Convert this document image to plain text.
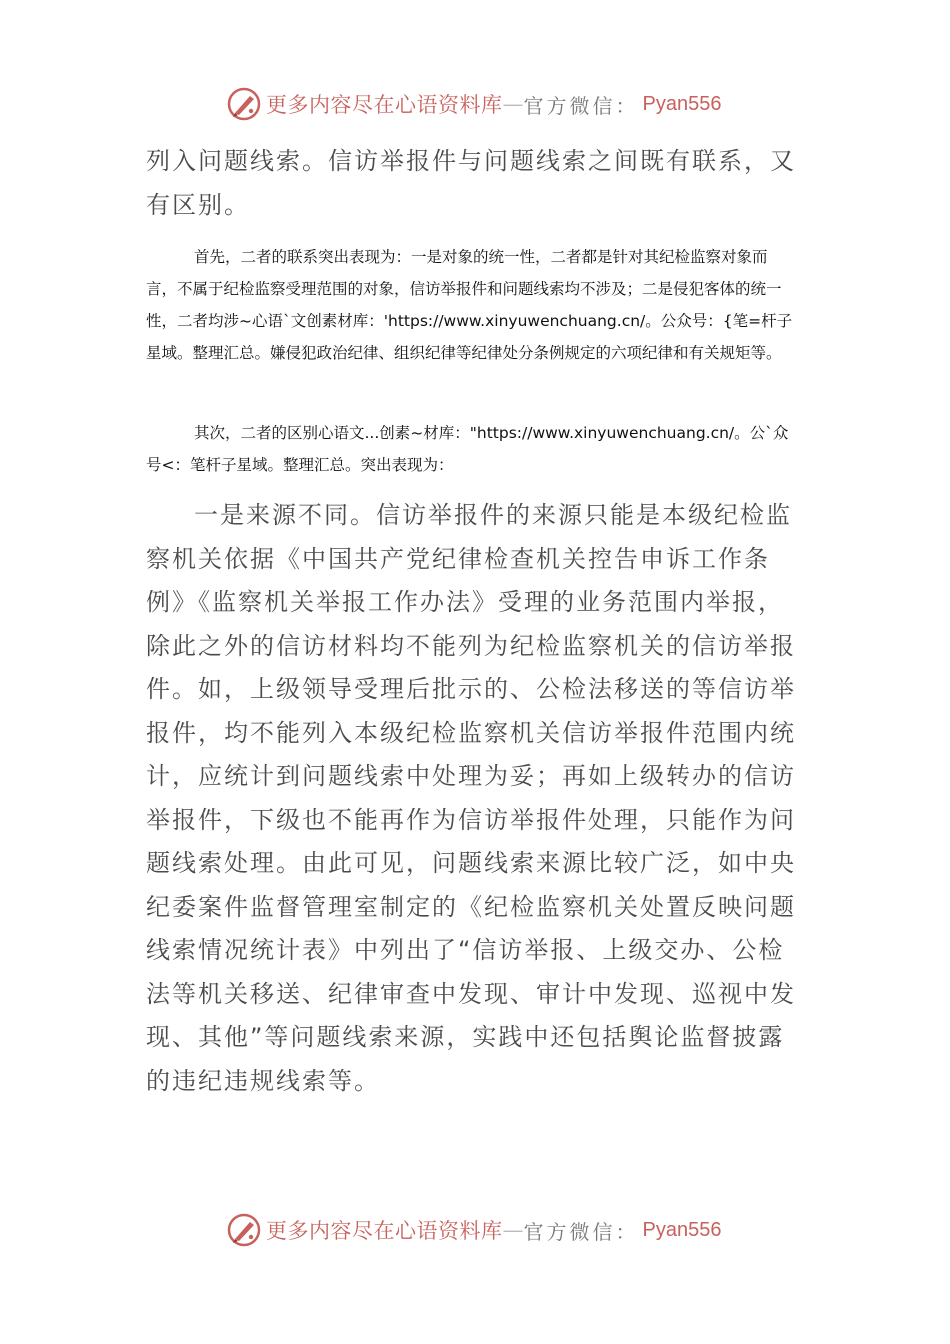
更多内容尽在心语资料库 — 官方微信： Pyan556

列入问题线索。信访举报件与问题线索之间既有联系，又有区别。

首先，二者的联系突出表现为：一是对象的统一性，二者都是针对其纪检监察对象而言，不属于纪检监察受理范围的对象，信访举报件和问题线索均不涉及；二是侵犯客体的统一性，二者均涉~心语`文创素材库：'https://www.xinyuwenchuang.cn/。公众号：{笔=杆子星域。整理汇总。嫌侵犯政治纪律、组织纪律等纪律处分条例规定的六项纪律和有关规矩等。

其次，二者的区别心语文...创素~材库："https://www.xinyuwenchuang.cn/。公`众号<：笔杆子星域。整理汇总。突出表现为：

一是来源不同。信访举报件的来源只能是本级纪检监察机关依据《中国共产党纪律检查机关控告申诉工作条例》《监察机关举报工作办法》受理的业务范围内举报，除此之外的信访材料均不能列为纪检监察机关的信访举报件。如，上级领导受理后批示的、公检法移送的等信访举报件，均不能列入本级纪检监察机关信访举报件范围内统计，应统计到问题线索中处理为妥；再如上级转办的信访举报件，下级也不能再作为信访举报件处理，只能作为问题线索处理。由此可见，问题线索来源比较广泛，如中央纪委案件监督管理室制定的《纪检监察机关处置反映问题线索情况统计表》中列出了“信访举报、上级交办、公检法等机关移送、纪律审查中发现、审计中发现、巡视中发现、其他”等问题线索来源，实践中还包括舆论监督披露的违纪违规线索等。

更多内容尽在心语资料库 — 官方微信： Pyan556
